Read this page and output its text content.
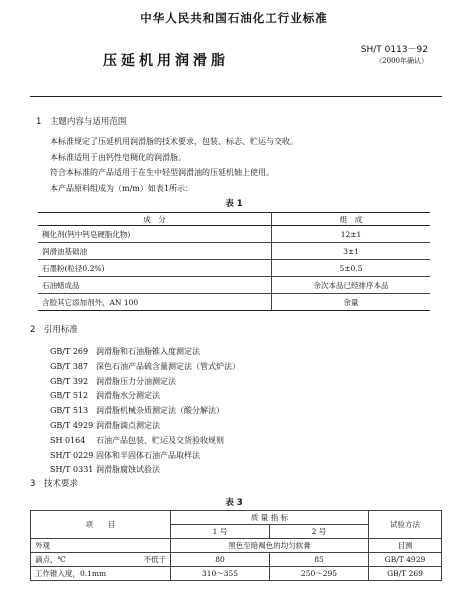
中华人民共和国石油化工行业标准
SH/T 0113－92
（2000年确认）
压延机用润滑脂
1　主题内容与适用范围
本标准规定了压延机用润滑脂的技术要求，包装、标志、贮运与交收。
本标准适用于由钙性皂稠化的润滑脂。
符合本标准的产品适用于在生中轻型润滑油的压延机轴上使用。
本产品原料组成为（m/m）如表1所示：
表 1
成　分	组　成
稠化剂(钙中钙皂硬脂化物)	12±1
润滑油基础油	3±1
石墨粉(粒径0.2%)	5±0.5
石油蜡成品	余次本品已经排序本品
含胶其它添加剂外，AN 100	余量
2　引用标准
GB/T 269 润滑脂和石油脂锥入度测定法
GB/T 387 深色石油产品硫含量测定法（管式炉法）
GB/T 392 润滑脂压力分油测定法
GB/T 512 润滑脂水分测定法
GB/T 513 润滑脂机械杂质测定法（酸分解法）
GB/T 4929 润滑脂滴点测定法
SH 0164 石油产品包装、贮运及交货验收规则
SH/T 0229 固体和半固体石油产品取样法
SH/T 0331 润滑脂腐蚀试验法
3　技术要求
表 3
项　　目		质 量 指 标		试验方法
		1 号	2 号	
外观		黑色至暗褐色的均匀软膏		目测
滴点，℃	不低于	80	85	GB/T 4929
工作锥入度，0.1mm		310～355	250～295	GB/T 269
